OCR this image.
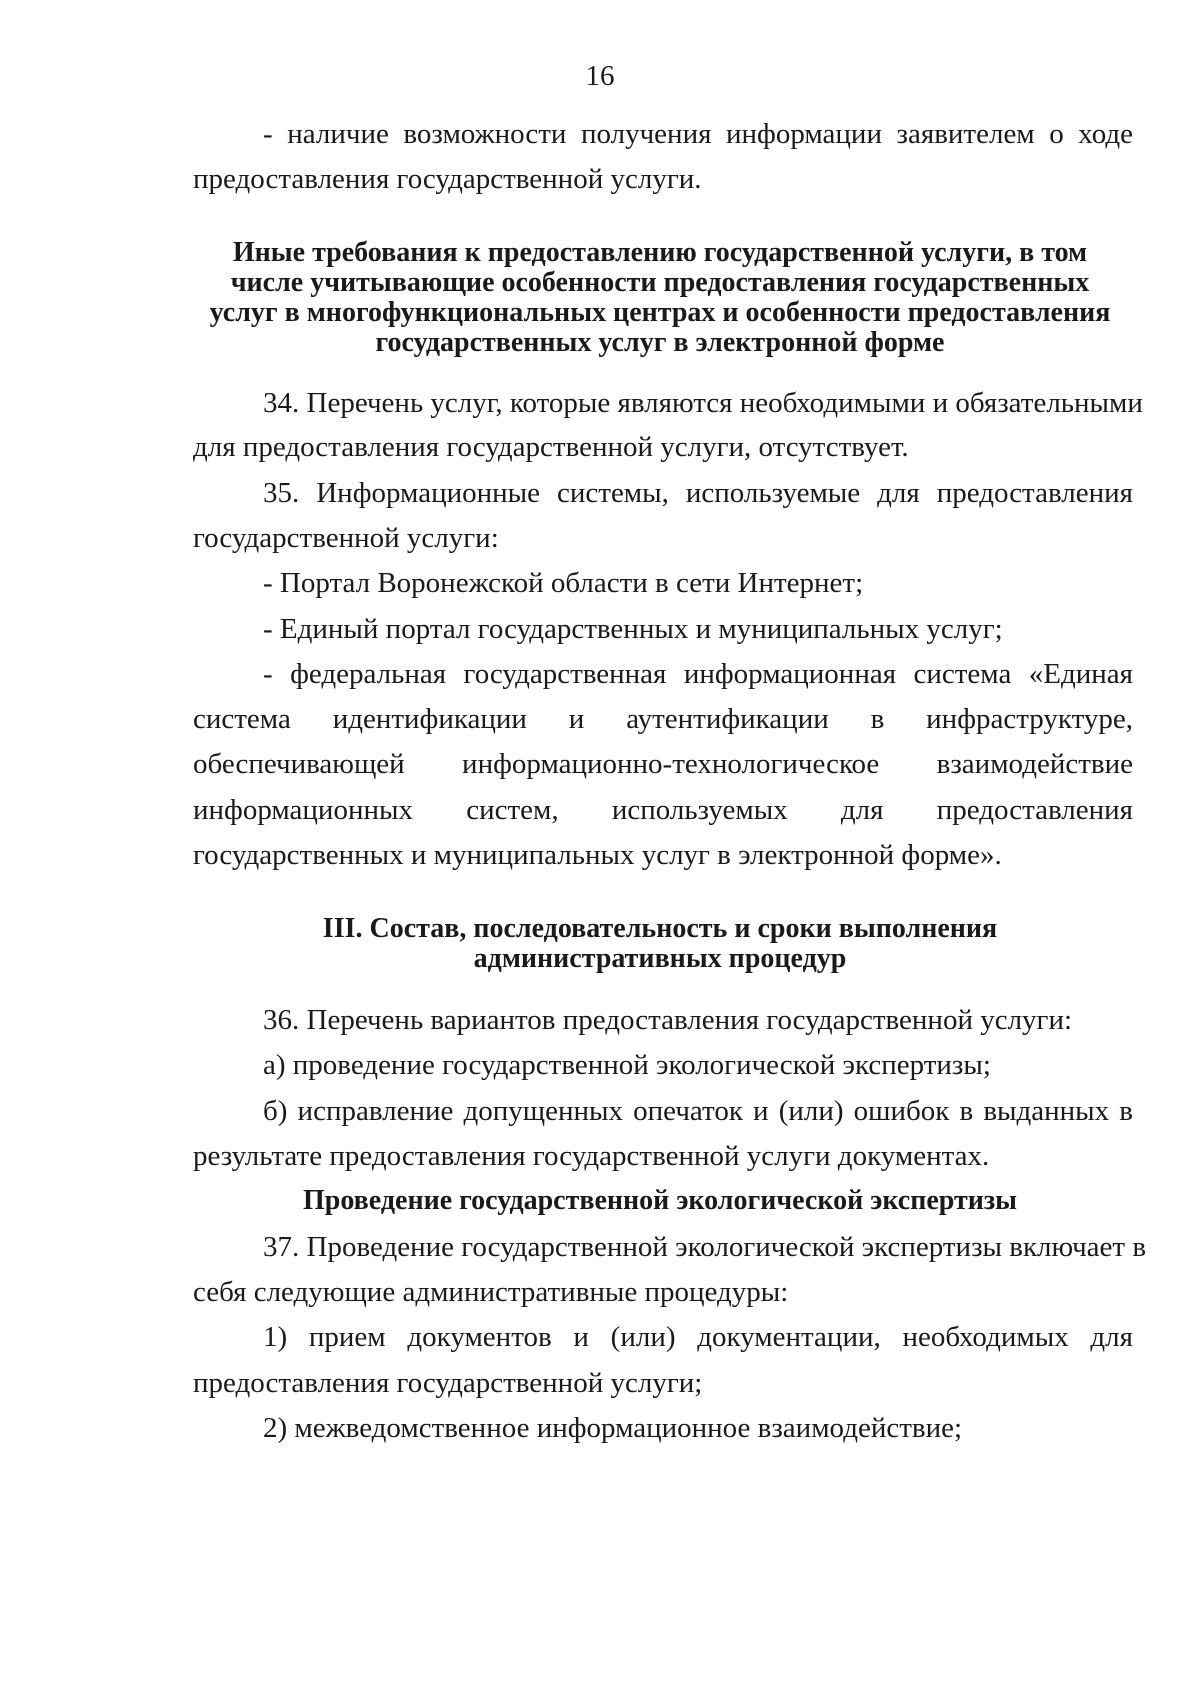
16
- наличие возможности получения информации заявителем о ходе
предоставления государственной услуги.
Иные требования к предоставлению государственной услуги, в том
числе учитывающие особенности предоставления государственных
услуг в многофункциональных центрах и особенности предоставления
государственных услуг в электронной форме
34. Перечень услуг, которые являются необходимыми и обязательными
для предоставления государственной услуги, отсутствует.
35. Информационные системы, используемые для предоставления
государственной услуги:
- Портал Воронежской области в сети Интернет;
- Единый портал государственных и муниципальных услуг;
- федеральная государственная информационная система «Единая
система идентификации и аутентификации в инфраструктуре,
обеспечивающей информационно-технологическое взаимодействие
информационных систем, используемых для предоставления
государственных и муниципальных услуг в электронной форме».
III. Состав, последовательность и сроки выполнения
административных процедур
36. Перечень вариантов предоставления государственной услуги:
а) проведение государственной экологической экспертизы;
б) исправление допущенных опечаток и (или) ошибок в выданных в
результате предоставления государственной услуги документах.
Проведение государственной экологической экспертизы
37. Проведение государственной экологической экспертизы включает в
себя следующие административные процедуры:
1) прием документов и (или) документации, необходимых для
предоставления государственной услуги;
2) межведомственное информационное взаимодействие;
